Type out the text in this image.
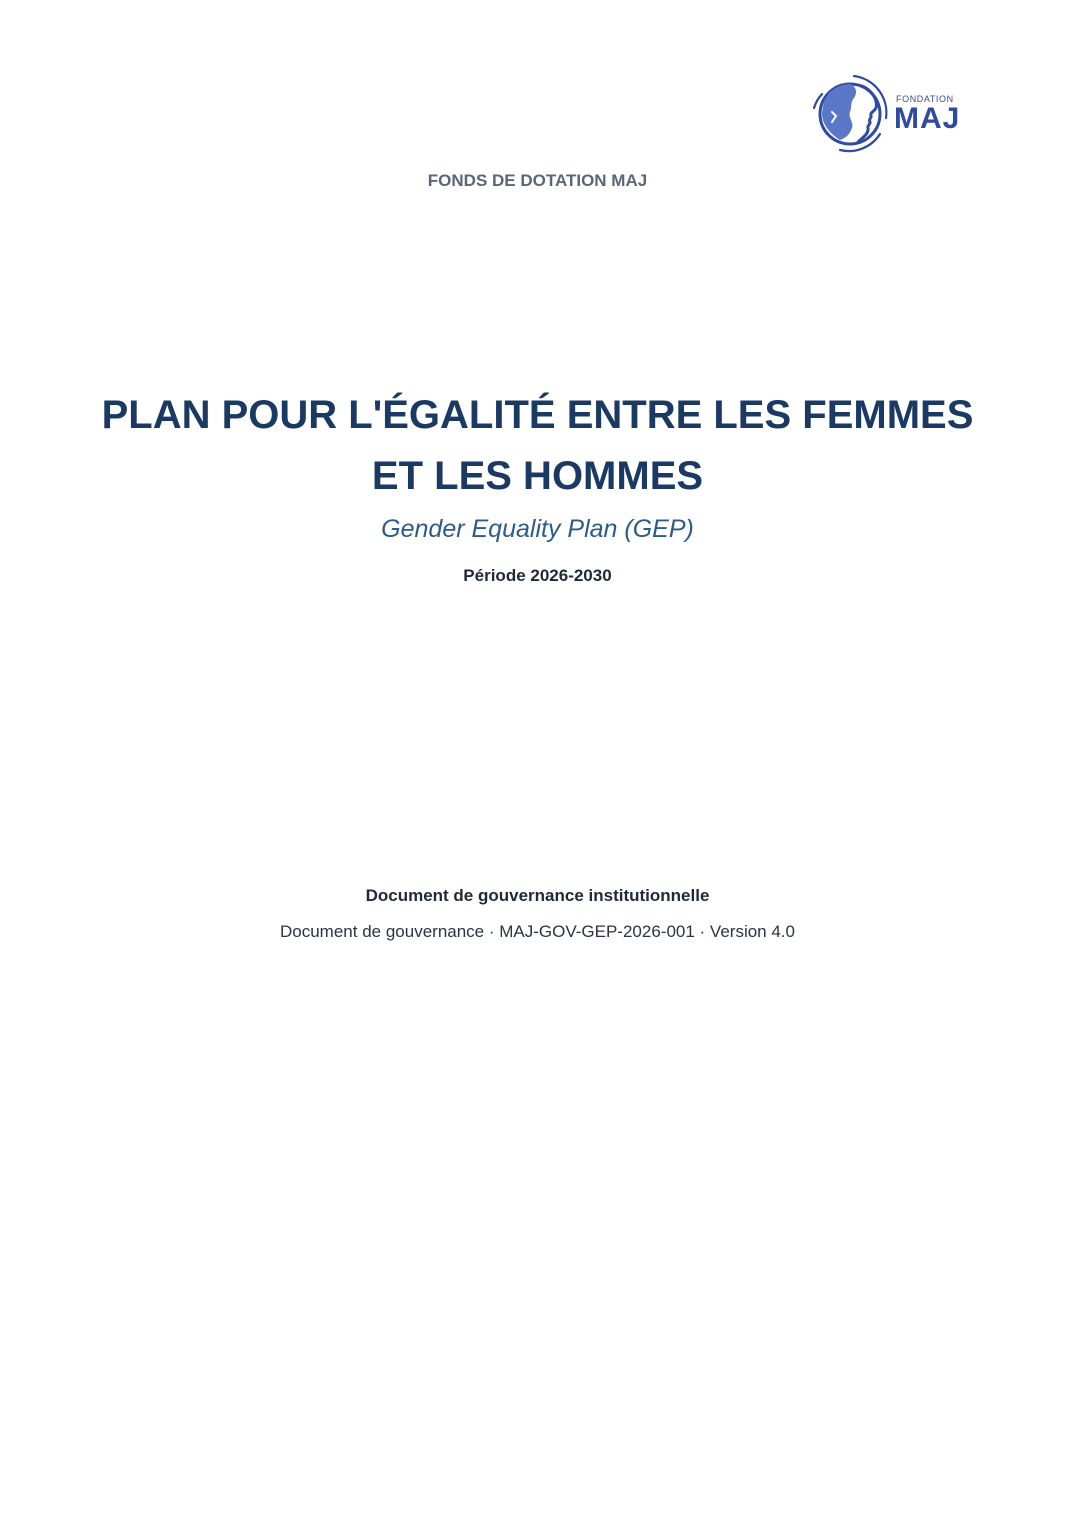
FONDATION
MAJ
FONDS DE DOTATION MAJ
PLAN POUR L'ÉGALITÉ ENTRE LES FEMMES ET LES HOMMES
Gender Equality Plan (GEP)
Période 2026-2030
Document de gouvernance institutionnelle
Document de gouvernance · MAJ-GOV-GEP-2026-001 · Version 4.0
